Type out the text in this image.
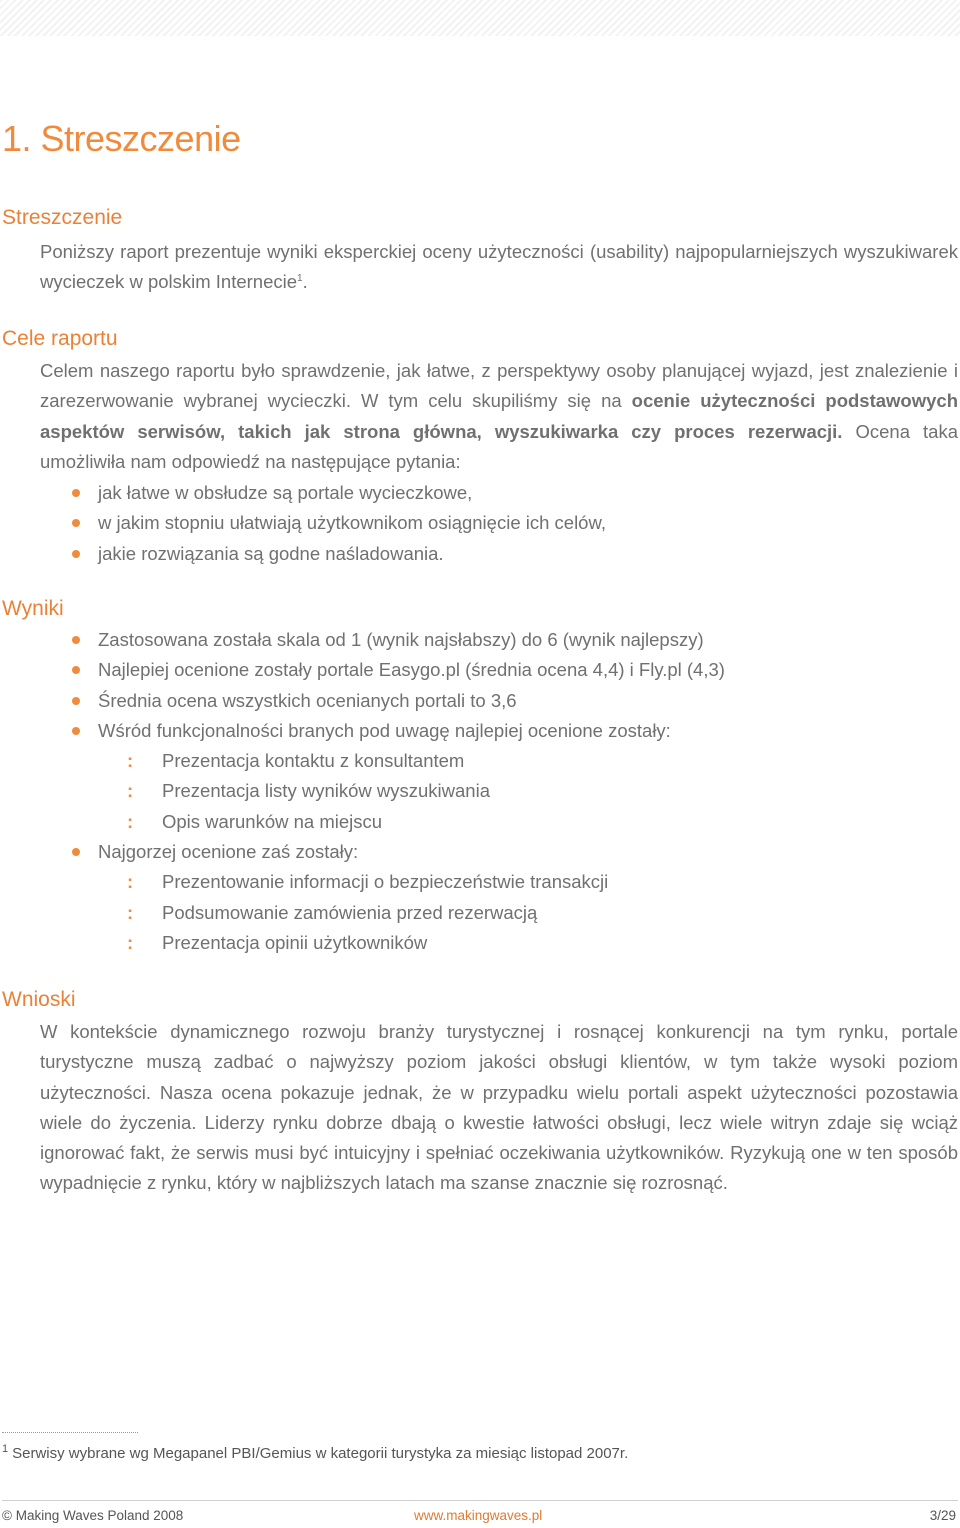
1. Streszczenie
Streszczenie

Poniższy raport prezentuje wyniki eksperckiej oceny użyteczności (usability) najpopularniejszych wyszukiwarek wycieczek w polskim Internecie$^1$.

Cele raportu

Celem naszego raportu było sprawdzenie, jak łatwe, z perspektywy osoby planującej wyjazd, jest znalezienie i zarezerwowanie wybranej wycieczki. W tym celu skupiliśmy się na ocenie użyteczności podstawowych aspektów serwisów, takich jak strona główna, wyszukiwarka czy proces rezerwacji. Ocena taka umożliwiła nam odpowiedź na następujące pytania:

jak łatwe w obsłudze są portale wycieczkowe,
w jakim stopniu ułatwiają użytkownikom osiągnięcie ich celów,
jakie rozwiązania są godne naśladowania.
Wyniki
Zastosowana została skala od 1 (wynik najsłabszy) do 6 (wynik najlepszy)
Najlepiej ocenione zostały portale Easygo.pl (średnia ocena 4,4) i Fly.pl (4,3)
Średnia ocena wszystkich ocenianych portali to 3,6
Wśród funkcjonalności branych pod uwagę najlepiej ocenione zostały:
: Prezentacja kontaktu z konsultantem
: Prezentacja listy wyników wyszukiwania
: Opis warunków na miejscu
Najgorzej ocenione zaś zostały:
: Prezentowanie informacji o bezpieczeństwie transakcji
: Podsumowanie zamówienia przed rezerwacją
: Prezentacja opinii użytkowników
Wnioski

W kontekście dynamicznego rozwoju branży turystycznej i rosnącej konkurencji na tym rynku, portale turystyczne muszą zadbać o najwyższy poziom jakości obsługi klientów, w tym także wysoki poziom użyteczności. Nasza ocena pokazuje jednak, że w przypadku wielu portali aspekt użyteczności pozostawia wiele do życzenia. Liderzy rynku dobrze dbają o kwestie łatwości obsługi, lecz wiele witryn zdaje się wciąż ignorować fakt, że serwis musi być intuicyjny i spełniać oczekiwania użytkowników. Ryzykują one w ten sposób wypadnięcie z rynku, który w najbliższych latach ma szanse znacznie się rozrosnąć.

$^1$ Serwisy wybrane wg Megapanel PBI/Gemius w kategorii turystyka za miesiąc listopad 2007r.

© Making Waves Poland 2008	www.makingwaves.pl	3/29
